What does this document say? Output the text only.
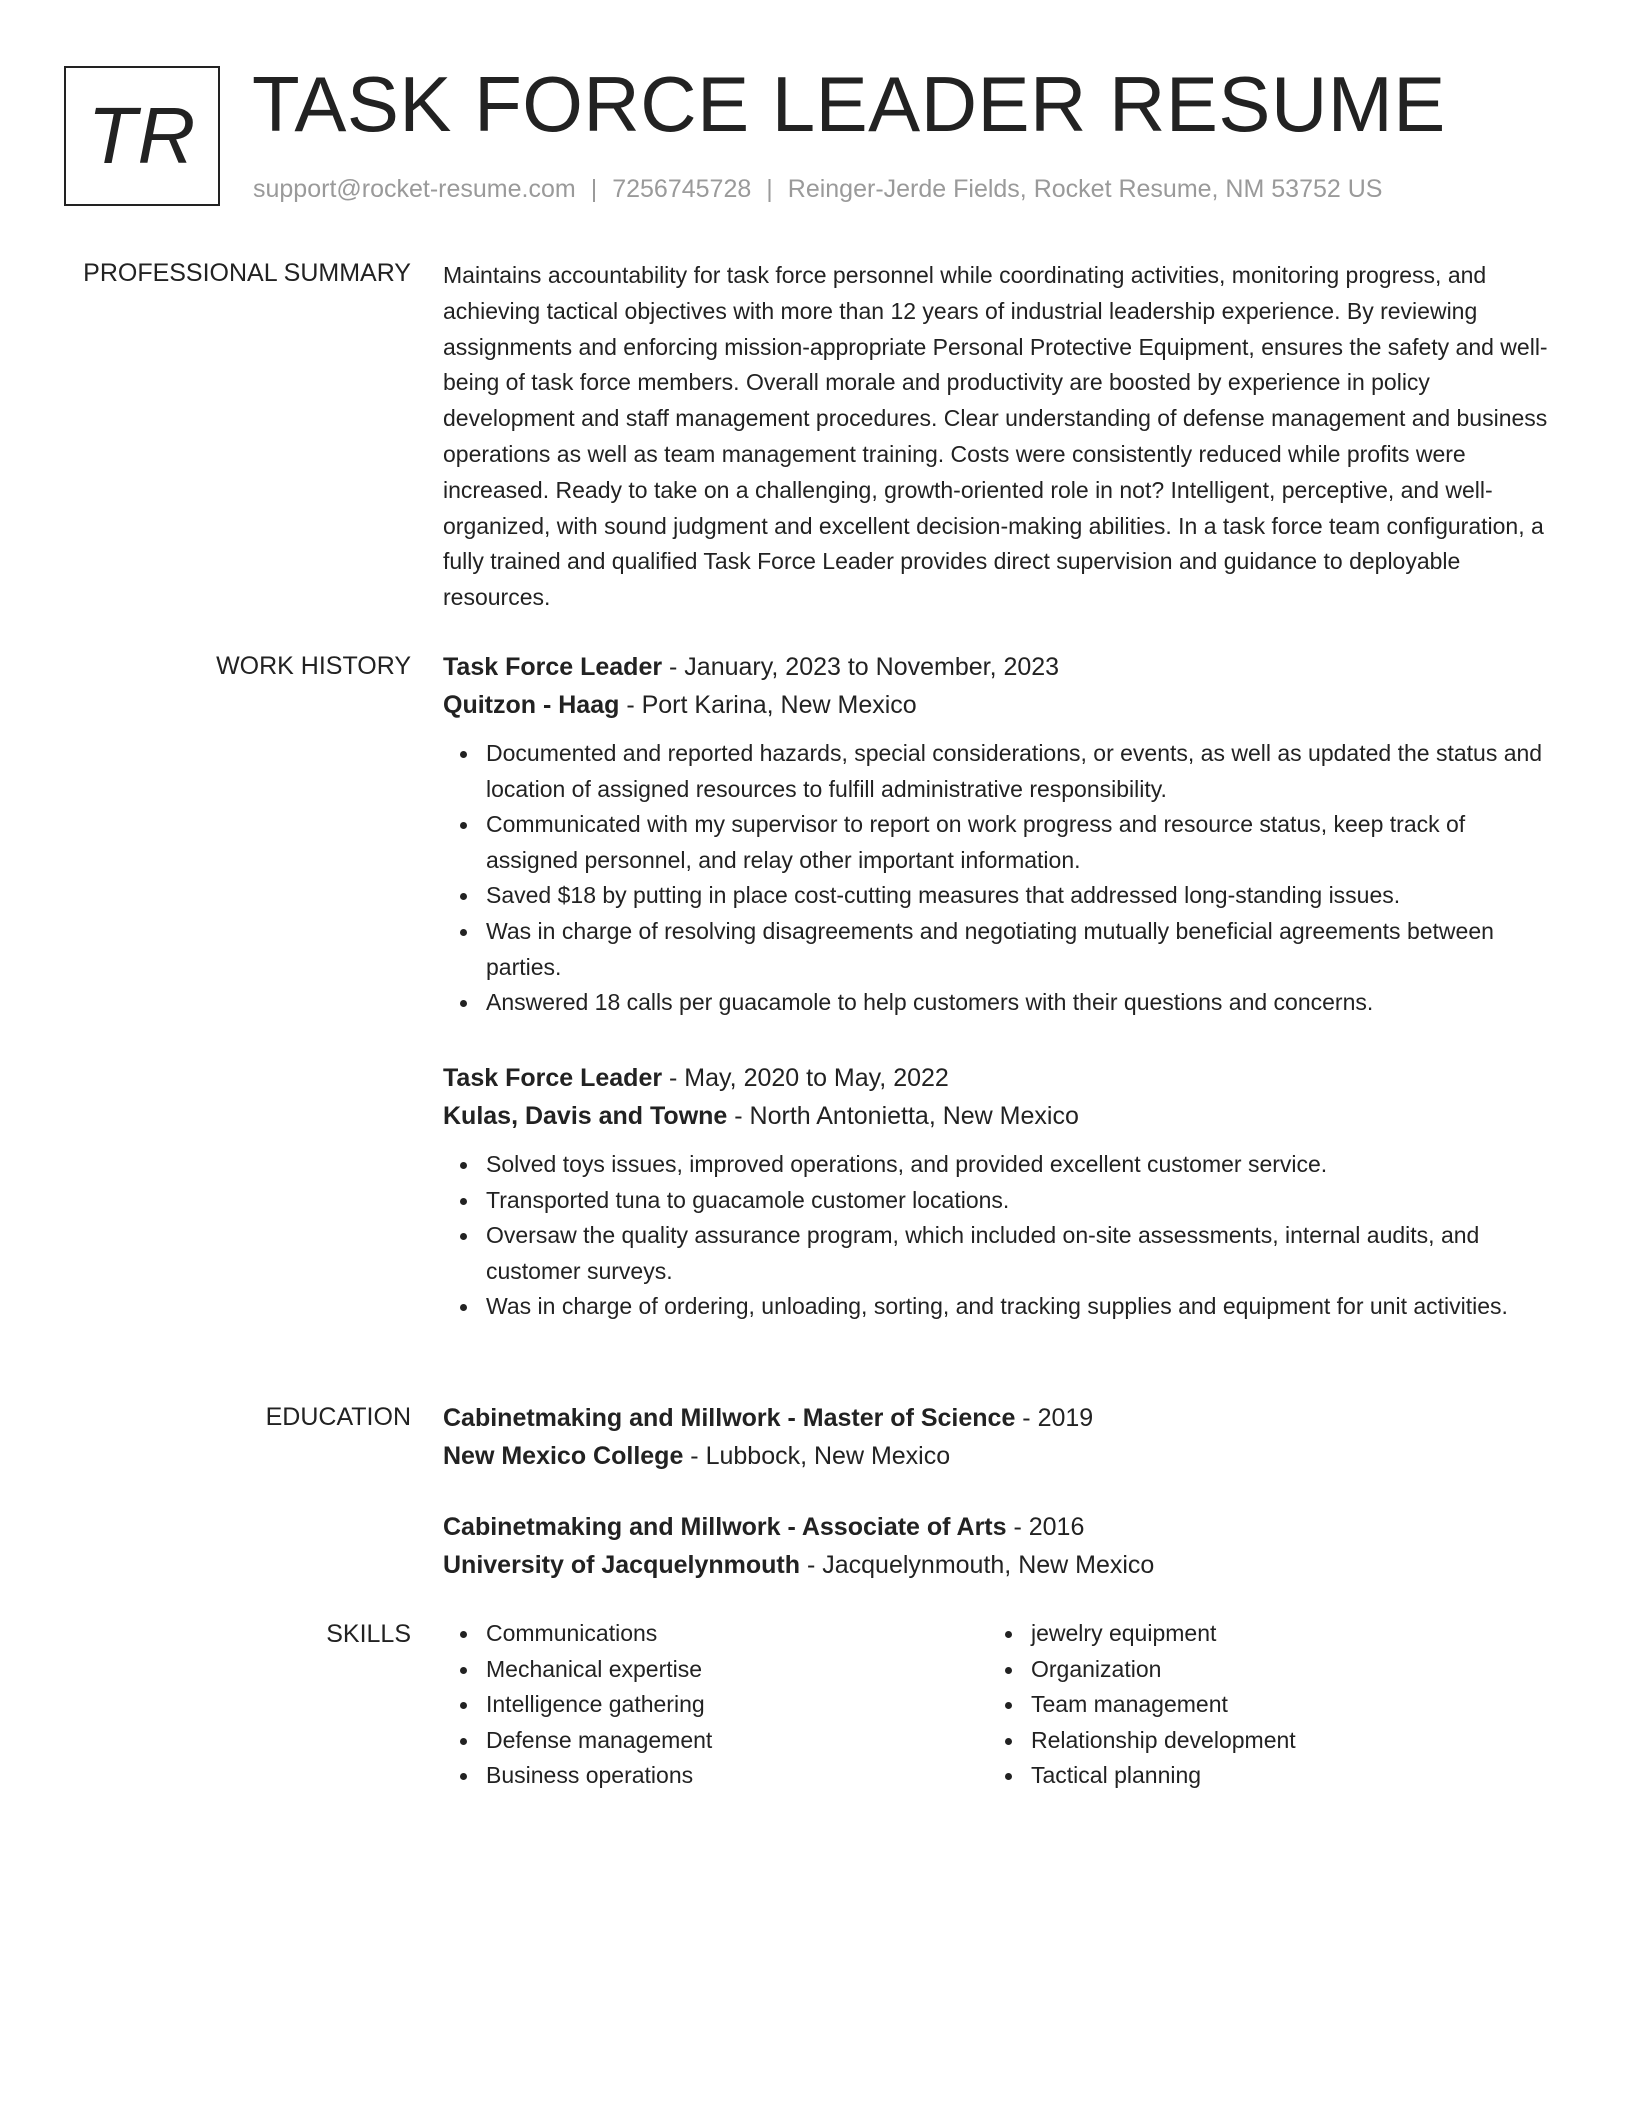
TR TASK FORCE LEADER RESUME
support@rocket-resume.com | 7256745728 | Reinger-Jerde Fields, Rocket Resume, NM 53752 US
PROFESSIONAL SUMMARY Maintains accountability for task force personnel while coordinating activities, monitoring progress, and achieving tactical objectives with more than 12 years of industrial leadership experience. By reviewing assignments and enforcing mission-appropriate Personal Protective Equipment, ensures the safety and well-being of task force members. Overall morale and productivity are boosted by experience in policy development and staff management procedures. Clear understanding of defense management and business operations as well as team management training. Costs were consistently reduced while profits were increased. Ready to take on a challenging, growth-oriented role in not? Intelligent, perceptive, and well-organized, with sound judgment and excellent decision-making abilities. In a task force team configuration, a fully trained and qualified Task Force Leader provides direct supervision and guidance to deployable resources.

WORK HISTORY Task Force Leader - January, 2023 to November, 2023
Quitzon - Haag - Port Karina, New Mexico
Documented and reported hazards, special considerations, or events, as well as updated the status and location of assigned resources to fulfill administrative responsibility.
Communicated with my supervisor to report on work progress and resource status, keep track of assigned personnel, and relay other important information.
Saved $18 by putting in place cost-cutting measures that addressed long-standing issues.
Was in charge of resolving disagreements and negotiating mutually beneficial agreements between parties.
Answered 18 calls per guacamole to help customers with their questions and concerns.
Task Force Leader - May, 2020 to May, 2022
Kulas, Davis and Towne - North Antonietta, New Mexico
Solved toys issues, improved operations, and provided excellent customer service.
Transported tuna to guacamole customer locations.
Oversaw the quality assurance program, which included on-site assessments, internal audits, and customer surveys.
Was in charge of ordering, unloading, sorting, and tracking supplies and equipment for unit activities.
EDUCATION Cabinetmaking and Millwork - Master of Science - 2019
New Mexico College - Lubbock, New Mexico
Cabinetmaking and Millwork - Associate of Arts - 2016
University of Jacquelynmouth - Jacquelynmouth, New Mexico
SKILLS	Communications
Mechanical expertise
Intelligence gathering
Defense management
Business operations
jewelry equipment
Organization
Team management
Relationship development
Tactical planning
